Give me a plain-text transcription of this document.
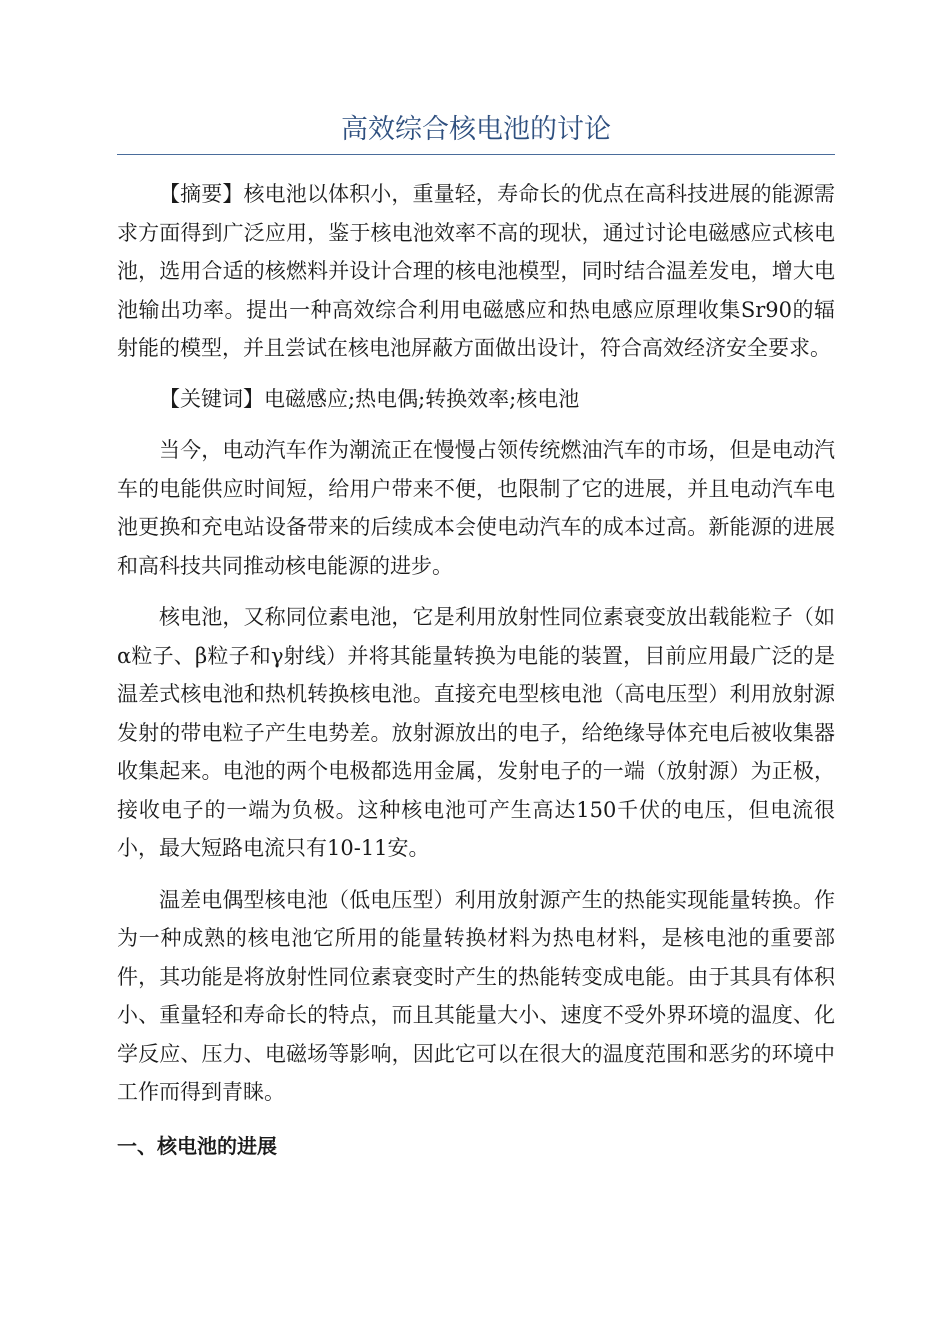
高效综合核电池的讨论

【摘要】核电池以体积小，重量轻，寿命长的优点在高科技进展的能源需求方面得到广泛应用，鉴于核电池效率不高的现状，通过讨论电磁感应式核电池，选用合适的核燃料并设计合理的核电池模型，同时结合温差发电，增大电池输出功率。提出一种高效综合利用电磁感应和热电感应原理收集Sr90的辐射能的模型，并且尝试在核电池屏蔽方面做出设计，符合高效经济安全要求。

【关键词】电磁感应;热电偶;转换效率;核电池

当今，电动汽车作为潮流正在慢慢占领传统燃油汽车的市场，但是电动汽车的电能供应时间短，给用户带来不便，也限制了它的进展，并且电动汽车电池更换和充电站设备带来的后续成本会使电动汽车的成本过高。新能源的进展和高科技共同推动核电能源的进步。

核电池，又称同位素电池，它是利用放射性同位素衰变放出载能粒子（如α粒子、β粒子和γ射线）并将其能量转换为电能的装置，目前应用最广泛的是温差式核电池和热机转换核电池。直接充电型核电池（高电压型）利用放射源发射的带电粒子产生电势差。放射源放出的电子，给绝缘导体充电后被收集器收集起来。电池的两个电极都选用金属，发射电子的一端（放射源）为正极，接收电子的一端为负极。这种核电池可产生高达150千伏的电压，但电流很小，最大短路电流只有10-11安。

温差电偶型核电池（低电压型）利用放射源产生的热能实现能量转换。作为一种成熟的核电池它所用的能量转换材料为热电材料，是核电池的重要部件，其功能是将放射性同位素衰变时产生的热能转变成电能。由于其具有体积小、重量轻和寿命长的特点，而且其能量大小、速度不受外界环境的温度、化学反应、压力、电磁场等影响，因此它可以在很大的温度范围和恶劣的环境中工作而得到青睐。

一、核电池的进展
